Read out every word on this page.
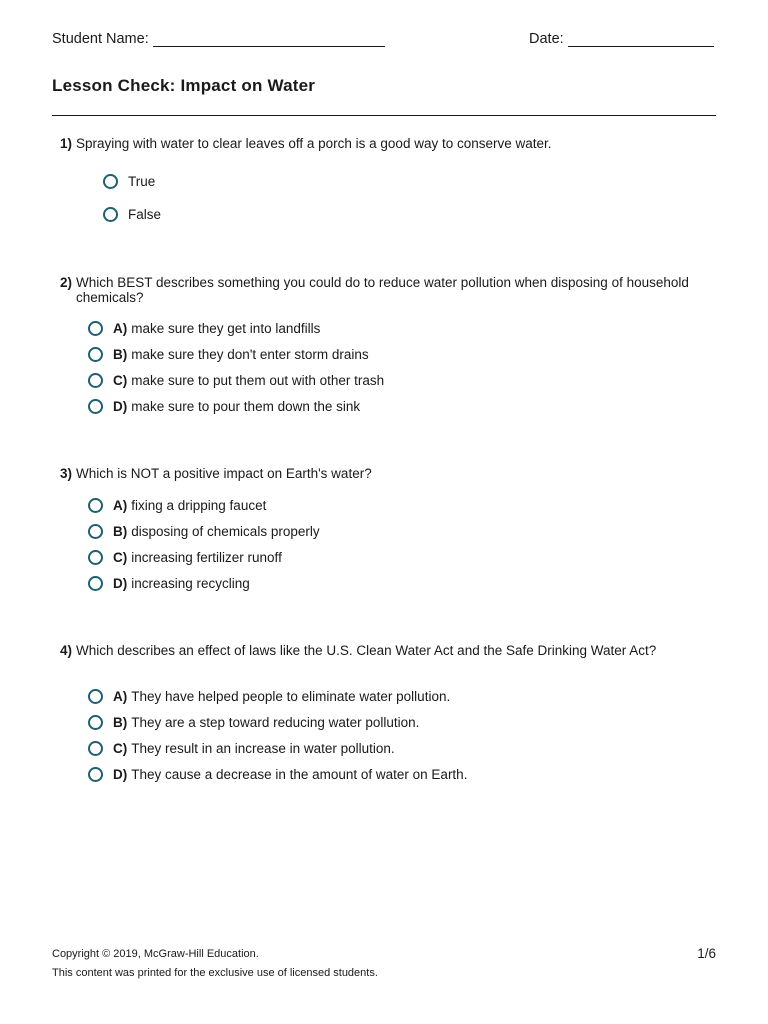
Student Name:	Date:
Lesson Check: Impact on Water
1) Spraying with water to clear leaves off a porch is a good way to conserve water.
True
False
2) Which BEST describes something you could do to reduce water pollution when disposing of household chemicals?
A) make sure they get into landfills
B) make sure they don't enter storm drains
C) make sure to put them out with other trash
D) make sure to pour them down the sink
3) Which is NOT a positive impact on Earth's water?
A) fixing a dripping faucet
B) disposing of chemicals properly
C) increasing fertilizer runoff
D) increasing recycling
4) Which describes an effect of laws like the U.S. Clean Water Act and the Safe Drinking Water Act?
A) They have helped people to eliminate water pollution.
B) They are a step toward reducing water pollution.
C) They result in an increase in water pollution.
D) They cause a decrease in the amount of water on Earth.
Copyright © 2019, McGraw-Hill Education.
This content was printed for the exclusive use of licensed students.
1/6
